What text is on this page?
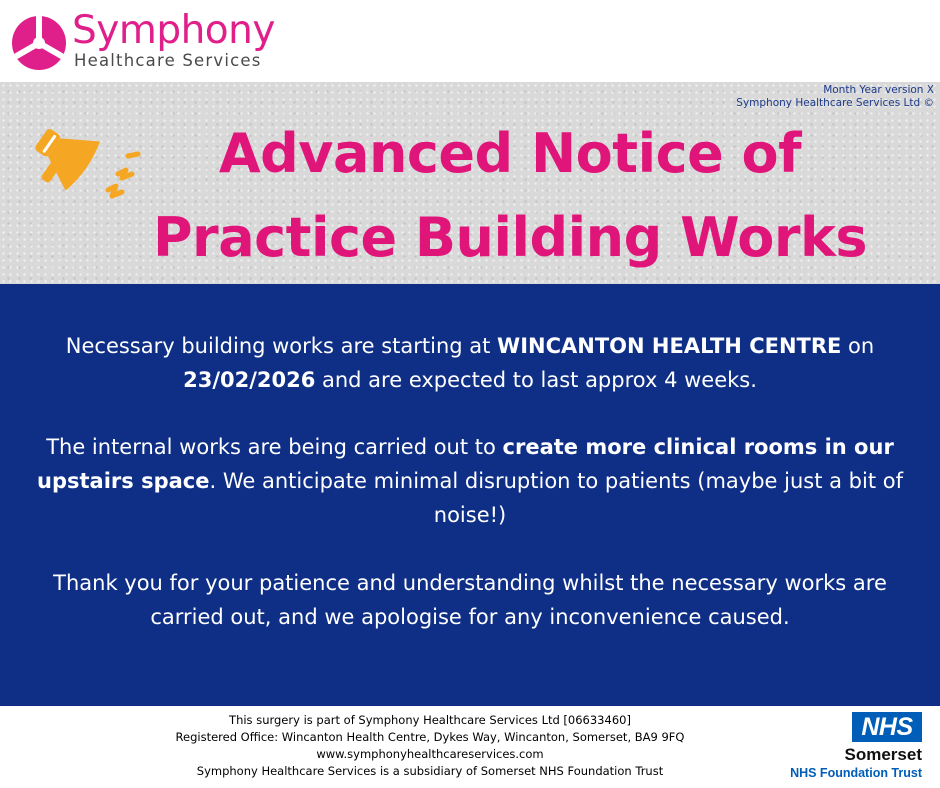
Symphony
Healthcare Services
Month Year version X
Symphony Healthcare Services Ltd ©
Advanced Notice of
Practice Building Works
Necessary building works are starting at WINCANTON HEALTH CENTRE on 23/02/2026 and are expected to last approx 4 weeks.
The internal works are being carried out to create more clinical rooms in our upstairs space. We anticipate minimal disruption to patients (maybe just a bit of noise!)
Thank you for your patience and understanding whilst the necessary works are carried out, and we apologise for any inconvenience caused.
This surgery is part of Symphony Healthcare Services Ltd [06633460]
Registered Office: Wincanton Health Centre, Dykes Way, Wincanton, Somerset, BA9 9FQ
www.symphonyhealthcareservices.com
Symphony Healthcare Services is a subsidiary of Somerset NHS Foundation Trust
NHS
Somerset
NHS Foundation Trust
